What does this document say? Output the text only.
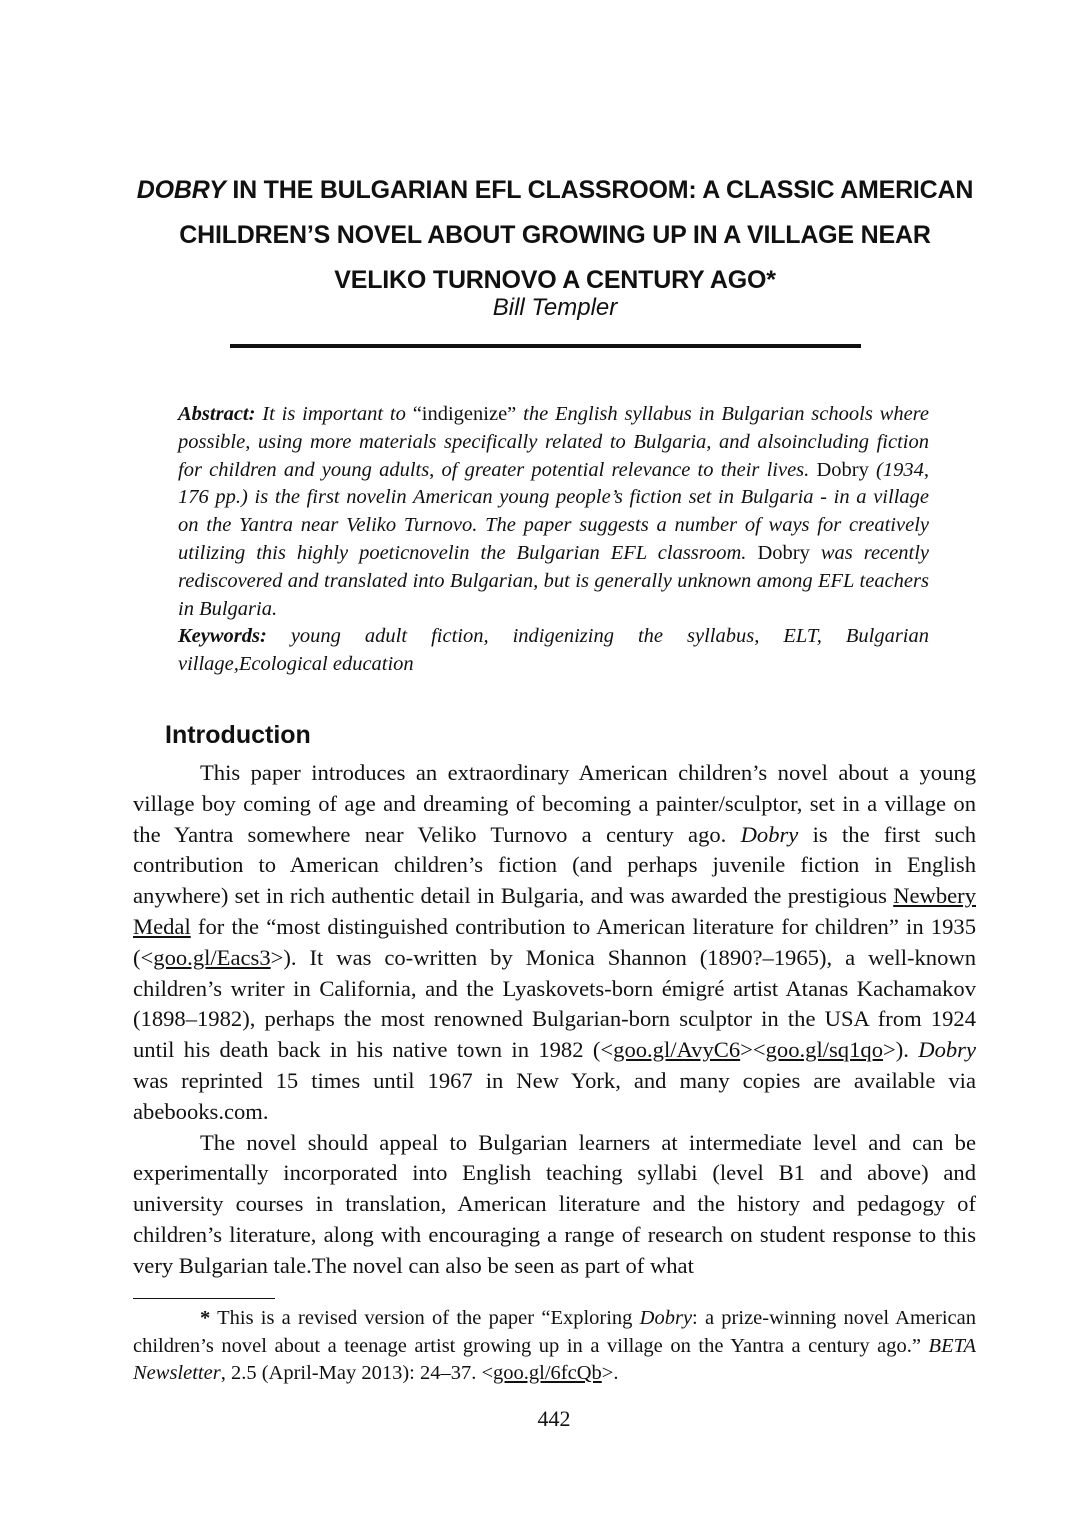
DOBRY IN THE BULGARIAN EFL CLASSROOM: A CLASSIC AMERICAN
CHILDREN’S NOVEL ABOUT GROWING UP IN A VILLAGE NEAR
VELIKO TURNOVO A CENTURY AGO*
Bill Templer
Abstract: It is important to “indigenize” the English syllabus in Bulgarian schools where possible, using more materials specifically related to Bulgaria, and alsoincluding fiction for children and young adults, of greater potential relevance to their lives. Dobry (1934, 176 pp.) is the first novelin American young people’s fiction set in Bulgaria - in a village on the Yantra near Veliko Turnovo. The paper suggests a number of ways for creatively utilizing this highly poeticnovelin the Bulgarian EFL classroom. Dobry was recently rediscovered and translated into Bulgarian, but is generally unknown among EFL teachers in Bulgaria.
Keywords: young adult fiction, indigenizing the syllabus, ELT, Bulgarian village,Ecological education
Introduction

This paper introduces an extraordinary American children’s novel about a young village boy coming of age and dreaming of becoming a painter/sculptor, set in a village on the Yantra somewhere near Veliko Turnovo a century ago. Dobry is the first such contribution to American children’s fiction (and perhaps juvenile fiction in English anywhere) set in rich authentic detail in Bulgaria, and was awarded the prestigious Newbery Medal for the “most distinguished contribution to American literature for children” in 1935 (<goo.gl/Eacs3>). It was co-written by Monica Shannon (1890?–1965), a well-known children’s writer in California, and the Lyaskovets-born émigré artist Atanas Kachamakov (1898–1982), perhaps the most renowned Bulgarian-born sculptor in the USA from 1924 until his death back in his native town in 1982 (<goo.gl/AvyC6><goo.gl/sq1qo>). Dobry was reprinted 15 times until 1967 in New York, and many copies are available via abebooks.com.

The novel should appeal to Bulgarian learners at intermediate level and can be experimentally incorporated into English teaching syllabi (level B1 and above) and university courses in translation, American literature and the history and pedagogy of children’s literature, along with encouraging a range of research on student response to this very Bulgarian tale.The novel can also be seen as part of what

* This is a revised version of the paper “Exploring Dobry: a prize-winning novel American children’s novel about a teenage artist growing up in a village on the Yantra a century ago.” BETA Newsletter, 2.5 (April-May 2013): 24–37. <goo.gl/6fcQb>.

442
